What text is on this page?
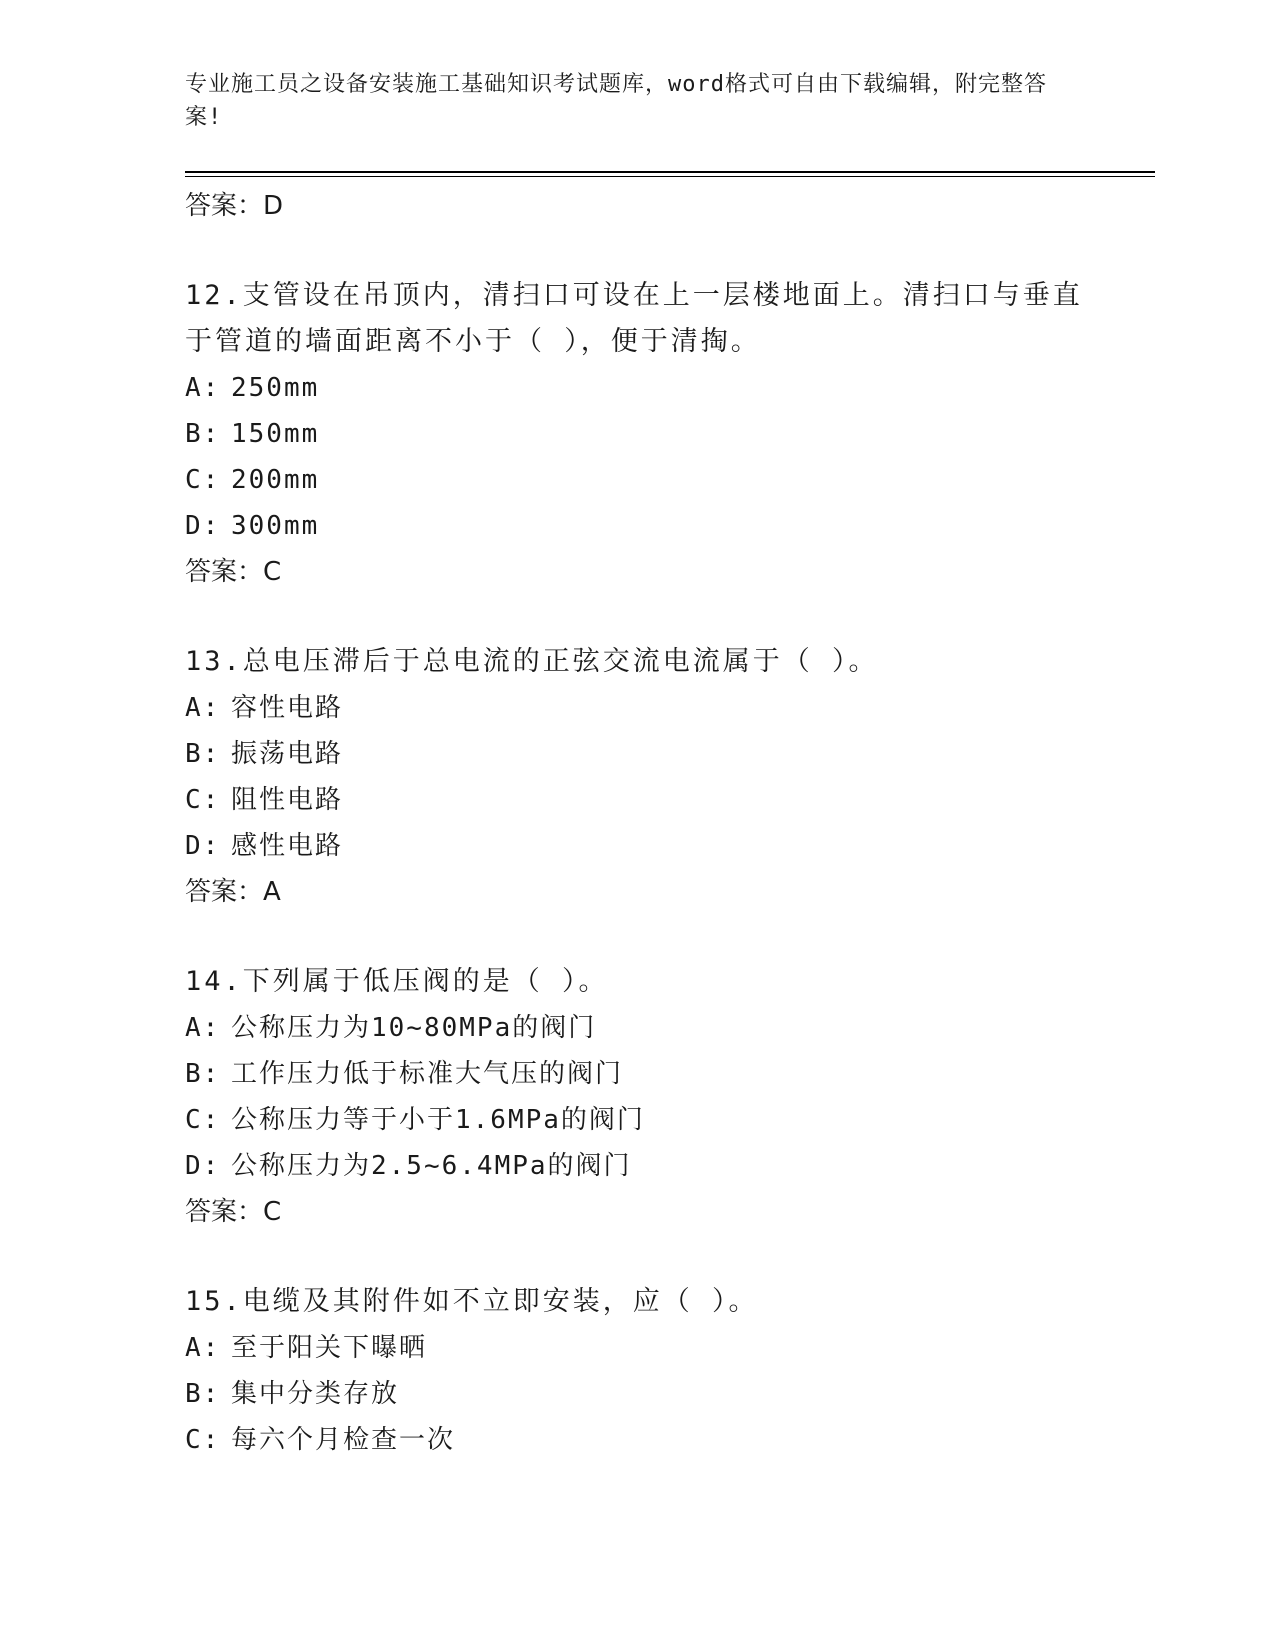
专业施工员之设备安装施工基础知识考试题库，word格式可自由下载编辑，附完整答案!

答案：D

12.支管设在吊顶内，清扫口可设在上一层楼地面上。清扫口与垂直于管道的墙面距离不小于（ ），便于清掏。

A: 250mm

B: 150mm

C: 200mm

D: 300mm

答案：C

13.总电压滞后于总电流的正弦交流电流属于（ ）。

A: 容性电路

B: 振荡电路

C: 阻性电路

D: 感性电路

答案：A

14.下列属于低压阀的是（ ）。

A: 公称压力为10~80MPa的阀门

B: 工作压力低于标准大气压的阀门

C: 公称压力等于小于1.6MPa的阀门

D: 公称压力为2.5~6.4MPa的阀门

答案：C

15.电缆及其附件如不立即安装，应（ ）。

A: 至于阳关下曝晒

B: 集中分类存放

C: 每六个月检查一次
